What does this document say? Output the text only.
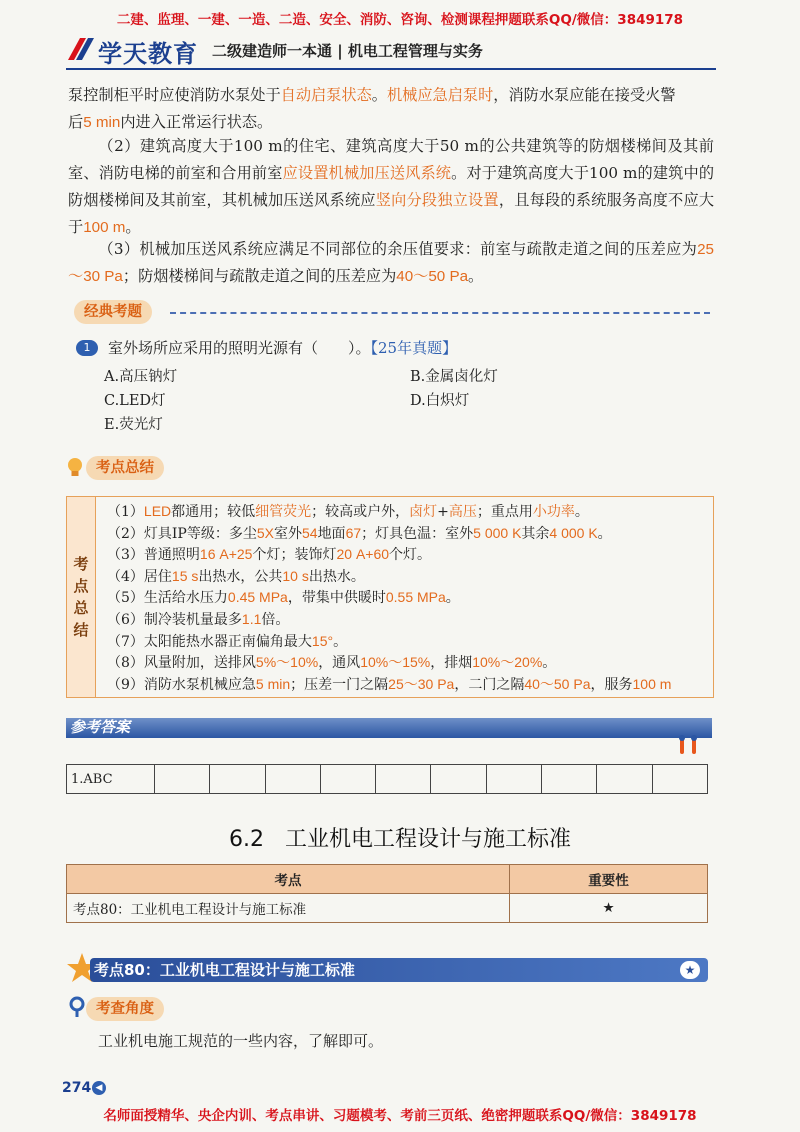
二建、监理、一建、一造、二造、安全、消防、咨询、检测课程押题联系QQ/微信：3849178
学天教育 二级建造师一本通 | 机电工程管理与实务
泵控制柜平时应使消防水泵处于自动启泵状态。机械应急启泵时，消防水泵应能在接受火警
后5 min内进入正常运行状态。
（2）建筑高度大于100 m的住宅、建筑高度大于50 m的公共建筑等的防烟楼梯间及其前室、消防电梯的前室和合用前室应设置机械加压送风系统。对于建筑高度大于100 m的建筑中的防烟楼梯间及其前室，其机械加压送风系统应竖向分段独立设置，且每段的系统服务高度不应大于100 m。
（3）机械加压送风系统应满足不同部位的余压值要求：前室与疏散走道之间的压差应为25～30 Pa；防烟楼梯间与疏散走道之间的压差应为40～50 Pa。
经典考题
1	室外场所应采用的照明光源有（　　）。【25年真题】
A.高压钠灯	B.金属卤化灯
C.LED灯	D.白炽灯
E.荧光灯
考点总结
考点总结
（1）LED都通用；较低细管荧光；较高或户外，卤灯+高压；重点用小功率。
（2）灯具IP等级：多尘5X室外54地面67；灯具色温：室外5 000 K其余4 000 K。
（3）普通照明16 A+25个灯；装饰灯20 A+60个灯。
（4）居住15 s出热水，公共10 s出热水。
（5）生活给水压力0.45 MPa，带集中供暖时0.55 MPa。
（6）制冷装机量最多1.1倍。
（7）太阳能热水器正南偏角最大15°。
（8）风量附加，送排风5%～10%，通风10%～15%，排烟10%～20%。
（9）消防水泵机械应急5 min；压差一门之隔25～30 Pa，二门之隔40～50 Pa，服务100 m
参考答案
1.ABC										
6.2 工业机电工程设计与施工标准
考点	重要性
考点80：工业机电工程设计与施工标准	★
考点80：工业机电工程设计与施工标准	★
考查角度
工业机电施工规范的一些内容，了解即可。
274 ◀
名师面授精华、央企内训、考点串讲、习题模考、考前三页纸、绝密押题联系QQ/微信：3849178
